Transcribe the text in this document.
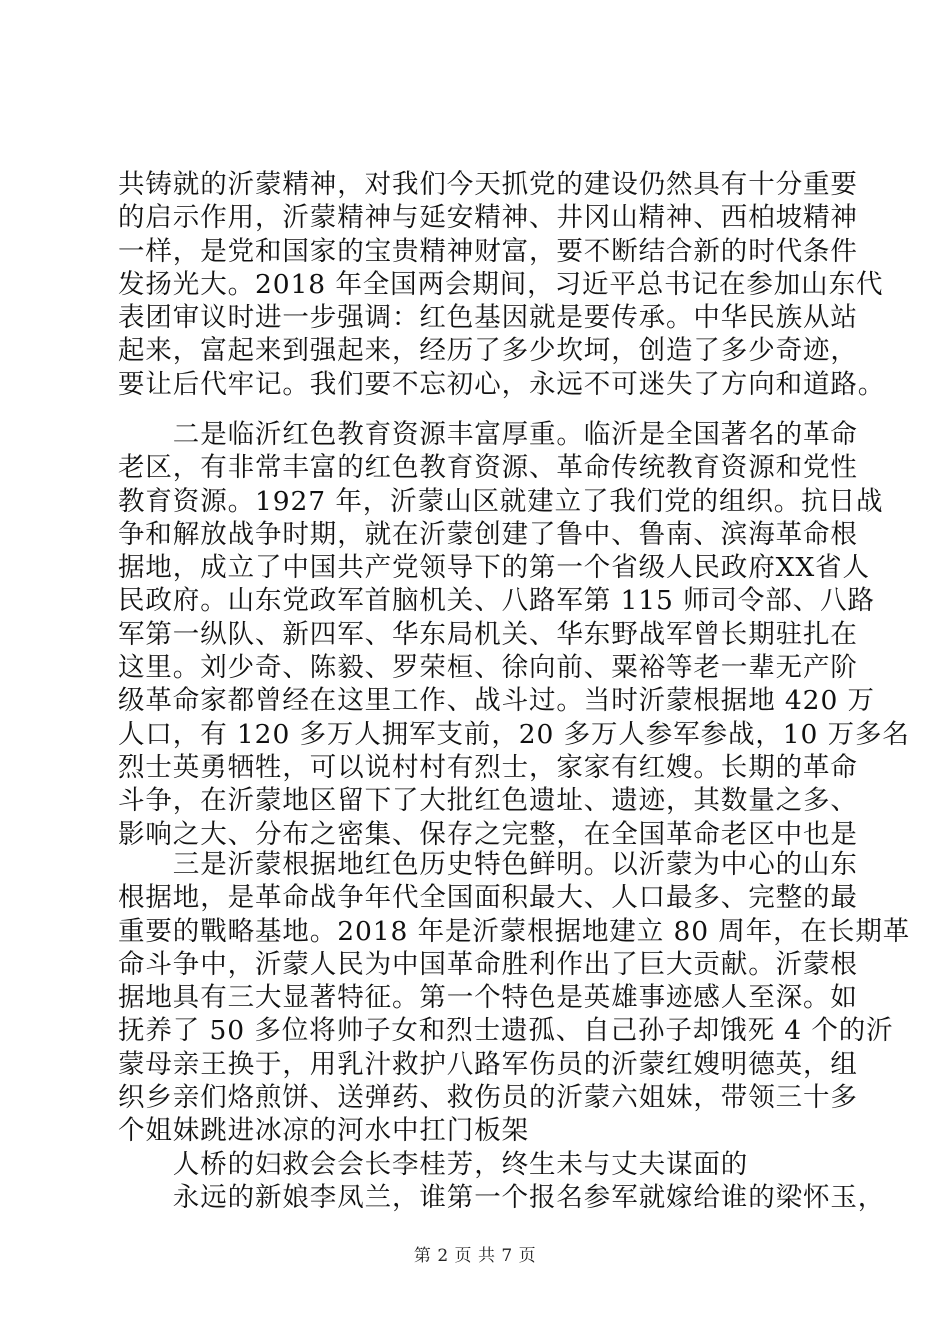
共铸就的沂蒙精神，对我们今天抓党的建设仍然具有十分重要
的启示作用，沂蒙精神与延安精神、井冈山精神、西柏坡精神
一样，是党和国家的宝贵精神财富，要不断结合新的时代条件
发扬光大。2018 年全国两会期间，习近平总书记在参加山东代
表团审议时进一步强调：红色基因就是要传承。中华民族从站
起来，富起来到强起来，经历了多少坎坷，创造了多少奇迹，
要让后代牢记。我们要不忘初心，永远不可迷失了方向和道路。
　　二是临沂红色教育资源丰富厚重。临沂是全国著名的革命
老区，有非常丰富的红色教育资源、革命传统教育资源和党性
教育资源。1927 年，沂蒙山区就建立了我们党的组织。抗日战
争和解放战争时期，就在沂蒙创建了鲁中、鲁南、滨海革命根
据地，成立了中国共产党领导下的第一个省级人民政府XX省人
民政府。山东党政军首脑机关、八路军第 115 师司令部、八路
军第一纵队、新四军、华东局机关、华东野战军曾长期驻扎在
这里。刘少奇、陈毅、罗荣桓、徐向前、粟裕等老一辈无产阶
级革命家都曾经在这里工作、战斗过。当时沂蒙根据地 420 万
人口，有 120 多万人拥军支前，20 多万人参军参战，10 万多名
烈士英勇牺牲，可以说村村有烈士，家家有红嫂。长期的革命
斗争，在沂蒙地区留下了大批红色遗址、遗迹，其数量之多、
影响之大、分布之密集、保存之完整，在全国革命老区中也是
　　三是沂蒙根据地红色历史特色鲜明。以沂蒙为中心的山东
根据地，是革命战争年代全国面积最大、人口最多、完整的最
重要的戰略基地。2018 年是沂蒙根据地建立 80 周年，在长期革
命斗争中，沂蒙人民为中国革命胜利作出了巨大贡献。沂蒙根
据地具有三大显著特征。第一个特色是英雄事迹感人至深。如
抚养了 50 多位将帅子女和烈士遗孤、自己孙子却饿死 4 个的沂
蒙母亲王换于，用乳汁救护八路军伤员的沂蒙红嫂明德英，组
织乡亲们烙煎饼、送弹药、救伤员的沂蒙六姐妹，带领三十多
个姐妹跳进冰凉的河水中扛门板架
　　人桥的妇救会会长李桂芳，终生未与丈夫谋面的
　　永远的新娘李凤兰，谁第一个报名参军就嫁给谁的梁怀玉，
第 2 页 共 7 页
